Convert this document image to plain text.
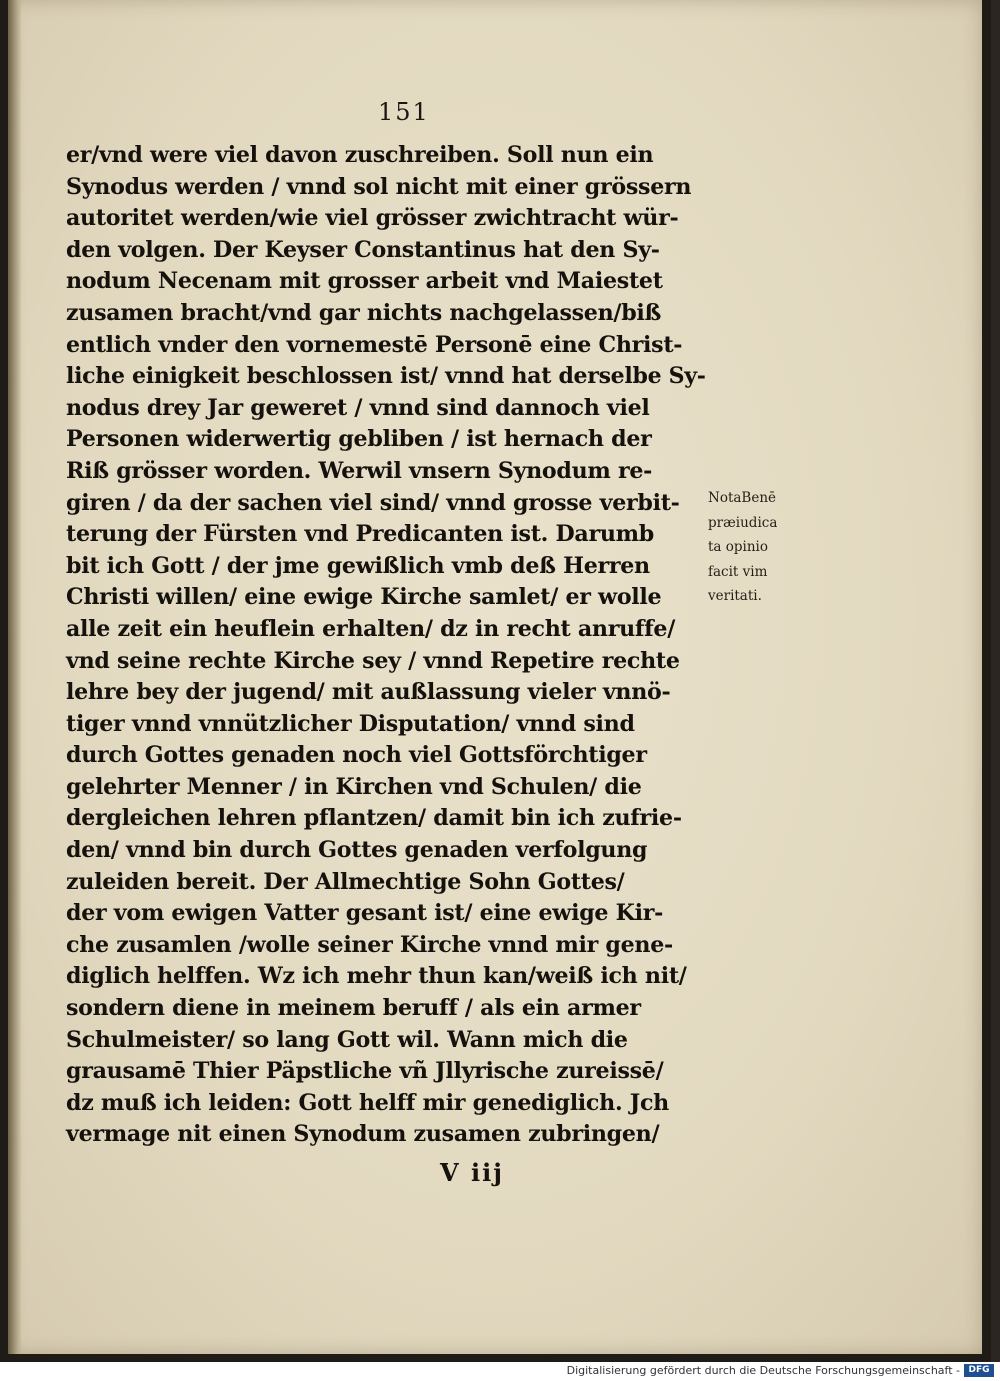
151
er/vnd were viel davon zuschreiben. Soll nun ein
Synodus werden / vnnd sol nicht mit einer grössern
autoritet werden/wie viel grösser zwichtracht wür-
den volgen. Der Keyser Constantinus hat den Sy-
nodum Necenam mit grosser arbeit vnd Maiestet
zusamen bracht/vnd gar nichts nachgelassen/biß
entlich vnder den vornemestē Personē eine Christ-
liche einigkeit beschlossen ist/ vnnd hat derselbe Sy-
nodus drey Jar geweret / vnnd sind dannoch viel
Personen widerwertig gebliben / ist hernach der
Riß grösser worden. Werwil vnsern Synodum re-
giren / da der sachen viel sind/ vnnd grosse verbit-
terung der Fürsten vnd Predicanten ist. Darumb
bit ich Gott / der jme gewißlich vmb deß Herren
Christi willen/ eine ewige Kirche samlet/ er wolle
alle zeit ein heuflein erhalten/ dz in recht anruffe/
vnd seine rechte Kirche sey / vnnd Repetire rechte
lehre bey der jugend/ mit außlassung vieler vnnö-
tiger vnnd vnnützlicher Disputation/ vnnd sind
durch Gottes genaden noch viel Gottsförchtiger
gelehrter Menner / in Kirchen vnd Schulen/ die
dergleichen lehren pflantzen/ damit bin ich zufrie-
den/ vnnd bin durch Gottes genaden verfolgung
zuleiden bereit. Der Allmechtige Sohn Gottes/
der vom ewigen Vatter gesant ist/ eine ewige Kir-
che zusamlen /wolle seiner Kirche vnnd mir gene-
diglich helffen. Wz ich mehr thun kan/weiß ich nit/
sondern diene in meinem beruff / als ein armer
Schulmeister/ so lang Gott wil. Wann mich die
grausamē Thier Päpstliche vñ Jllyrische zureissē/
dz muß ich leiden: Gott helff mir genediglich. Jch
vermage nit einen Synodum zusamen zubringen/
NotaBenē
præiudica
ta opinio
facit vim
veritati.
V iij
Digitalisierung gefördert durch die Deutsche Forschungsgemeinschaft - DFG
